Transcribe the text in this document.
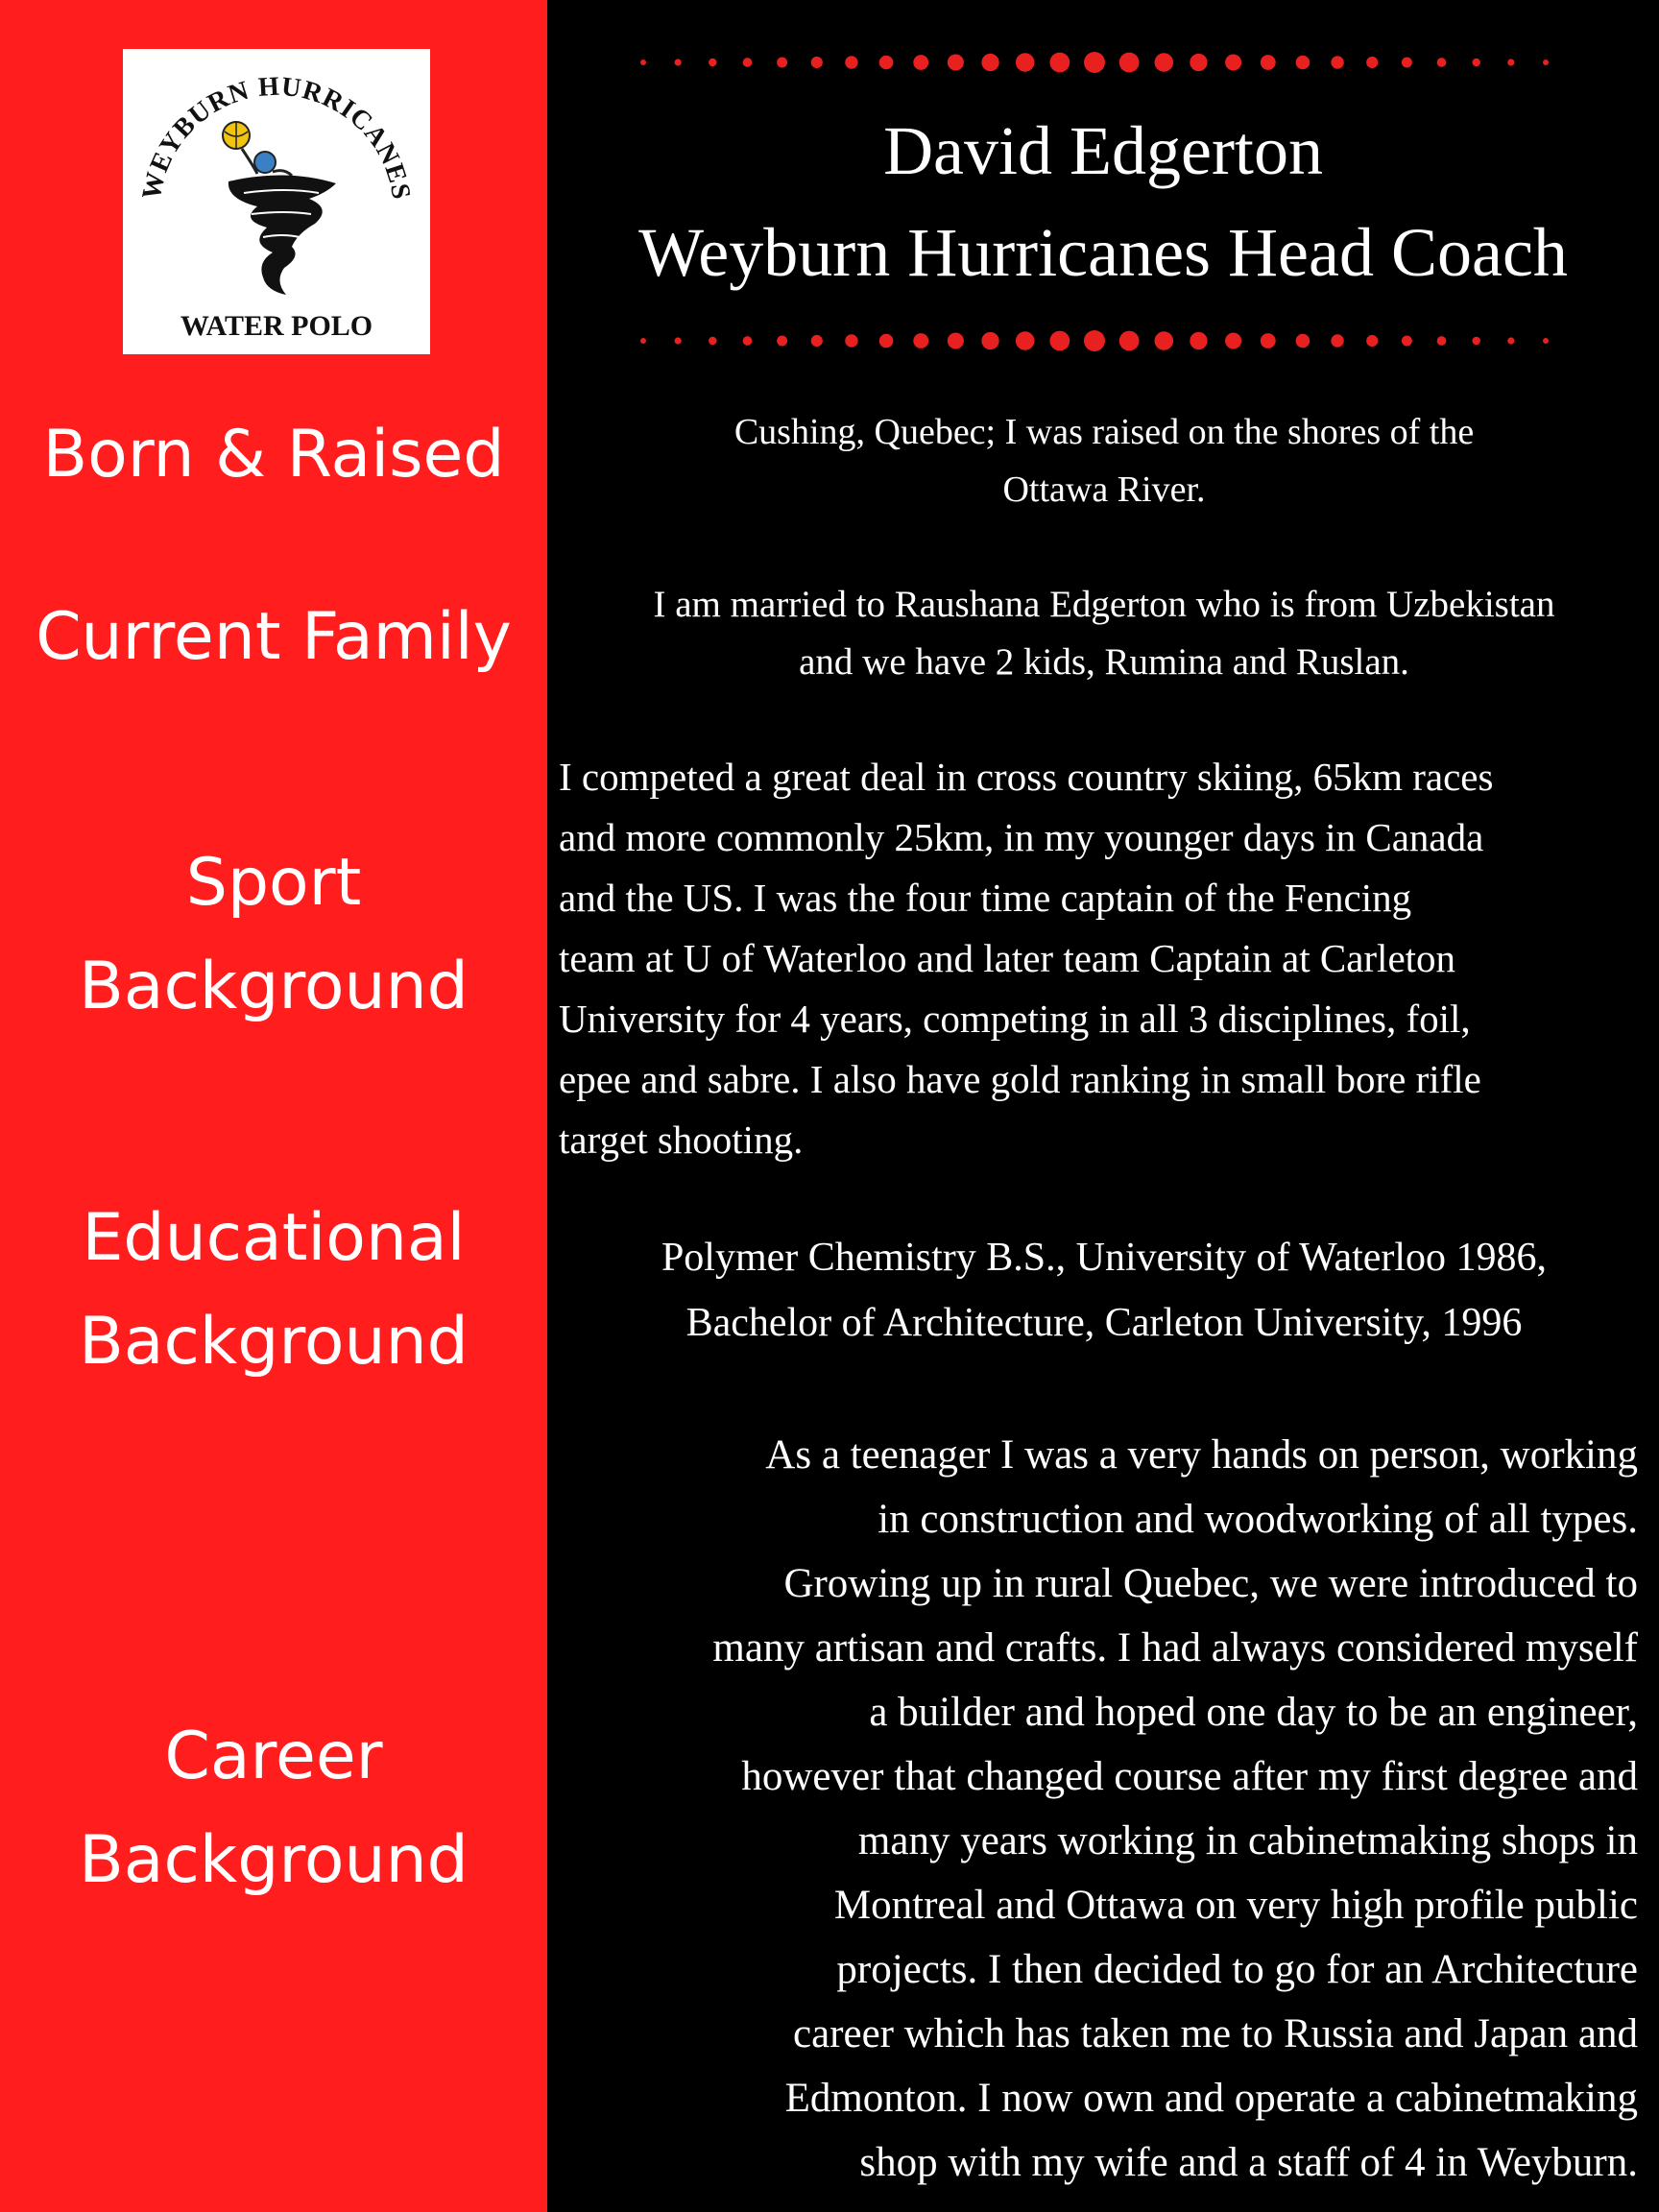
WEYBURN HURRICANES
WATER POLO
David Edgerton
Weyburn Hurricanes Head Coach
Born & Raised
Current Family
Sport
Background
Educational
Background
Career
Background
Cushing, Quebec; I was raised on the shores of the
Ottawa River.
I am married to Raushana Edgerton who is from Uzbekistan
and we have 2 kids, Rumina and Ruslan.
I competed a great deal in cross country skiing, 65km races
and more commonly 25km, in my younger days in Canada
and the US. I was the four time captain of the Fencing
team at U of Waterloo and later team Captain at Carleton
University for 4 years, competing in all 3 disciplines, foil,
epee and sabre. I also have gold ranking in small bore rifle
target shooting.
Polymer Chemistry B.S., University of Waterloo 1986,
Bachelor of Architecture, Carleton University, 1996
As a teenager I was a very hands on person, working
in construction and woodworking of all types.
Growing up in rural Quebec, we were introduced to
many artisan and crafts. I had always considered myself
a builder and hoped one day to be an engineer,
however that changed course after my first degree and
many years working in cabinetmaking shops in
Montreal and Ottawa on very high profile public
projects. I then decided to go for an Architecture
career which has taken me to Russia and Japan and
Edmonton. I now own and operate a cabinetmaking
shop with my wife and a staff of 4 in Weyburn.
